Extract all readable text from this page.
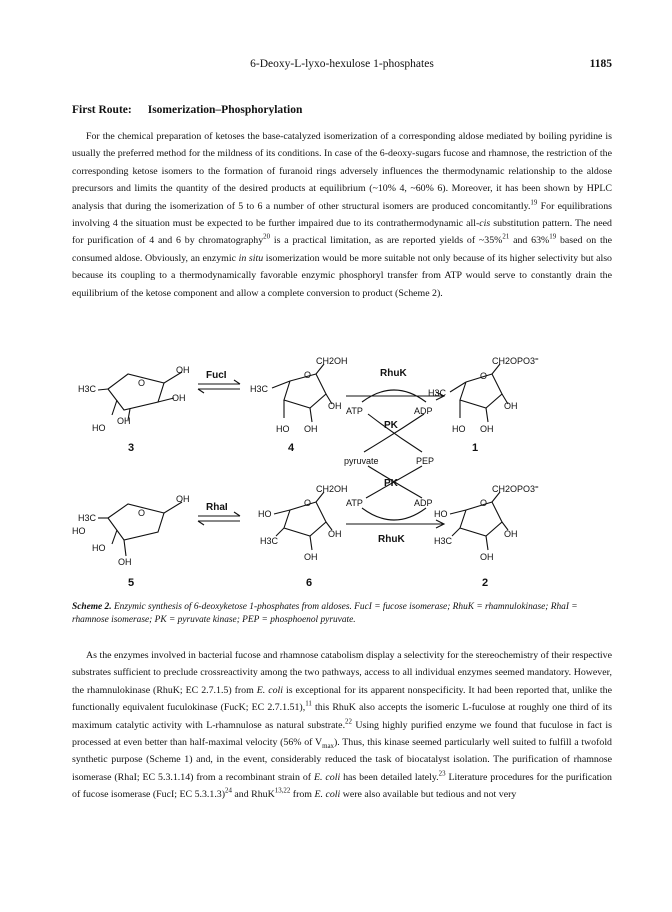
6-Deoxy-L-lyxo-hexulose 1-phosphates	1185
First Route: Isomerization–Phosphorylation
For the chemical preparation of ketoses the base-catalyzed isomerization of a corresponding aldose mediated by boiling pyridine is usually the preferred method for the mildness of its conditions. In case of the 6-deoxy-sugars fucose and rhamnose, the restriction of the corresponding ketose isomers to the formation of furanoid rings adversely influences the thermodynamic relationship to the aldose precursors and limits the quantity of the desired products at equilibrium (~10% 4, ~60% 6). Moreover, it has been shown by HPLC analysis that during the isomerization of 5 to 6 a number of other structural isomers are produced concomitantly.$^{19}$ For equilibrations involving 4 the situation must be expected to be further impaired due to its contrathermodynamic all-cis substitution pattern. The need for purification of 4 and 6 by chromatography$^{20}$ is a practical limitation, as are reported yields of ~35%$^{21}$ and 63%$^{19}$ based on the consumed aldose. Obviously, an enzymic in situ isomerization would be more suitable not only because of its higher selectivity but also because its coupling to a thermodynamically favorable enzymic phosphoryl transfer from ATP would serve to constantly drain the equilibrium of the ketose component and allow a complete conversion to product (Scheme 2).
H3C
O
OH
OH
OH
HO
3
FucI
CH2OH
O
H3C
OH
HO OH
4
RhuK
ATP	ADP
PK
pyruvate	PEP
PK
ATP	ADP
RhuK
CH2OPO3=
O
H3C
OH
HO OH
1
H3C
HO
O
OH
HO
OH
5
RhaI
CH2OH
O
HO
OH
H3C
OH
6
CH2OPO3=
O
HO
OH
H3C
OH
2
Scheme 2. Enzymic synthesis of 6-deoxyketose 1-phosphates from aldoses. FucI = fucose isomerase; RhuK = rhamnulokinase; RhaI = rhamnose isomerase; PK = pyruvate kinase; PEP = phosphoenol pyruvate.
As the enzymes involved in bacterial fucose and rhamnose catabolism display a selectivity for the stereochemistry of their respective substrates sufficient to preclude crossreactivity among the two pathways, access to all individual enzymes seemed mandatory. However, the rhamnulokinase (RhuK; EC 2.7.1.5) from E. coli is exceptional for its apparent nonspecificity. It had been reported that, unlike the functionally equivalent fuculokinase (FucK; EC 2.7.1.51),$^{11}$ this RhuK also accepts the isomeric L-fuculose at roughly one third of its maximum catalytic activity with L-rhamnulose as natural substrate.$^{22}$ Using highly purified enzyme we found that fuculose in fact is processed at even better than half-maximal velocity (56% of $V_{max}$). Thus, this kinase seemed particularly well suited to fulfill a twofold synthetic purpose (Scheme 1) and, in the event, considerably reduced the task of biocatalyst isolation. The purification of rhamnose isomerase (RhaI; EC 5.3.1.14) from a recombinant strain of E. coli has been detailed lately.$^{23}$ Literature procedures for the purification of fucose isomerase (FucI; EC 5.3.1.3)$^{24}$ and RhuK$^{13,22}$ from E. coli were also available but tedious and not very
